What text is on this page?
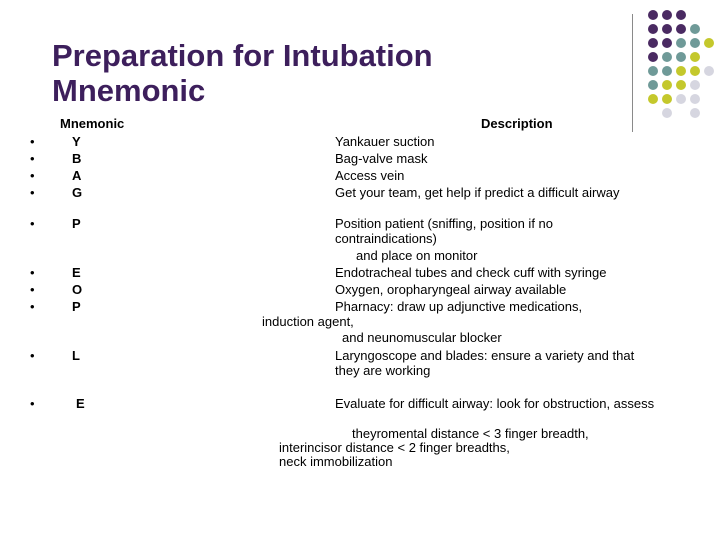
Preparation for Intubation
Mnemonic
Mnemonic	Description
•	Y	Yankauer suction
•	B	Bag-valve mask
•	A	Access vein
•	G	Get your team, get help if predict a difficult airway
•	P	Position patient (sniffing, position if no contraindications)
and place on monitor
•	E	Endotracheal tubes and check cuff with syringe
•	O	Oxygen, oropharyngeal airway available
•	P	Pharnacy: draw up adjunctive medications,
induction agent,
and neunomuscular blocker
•	L	Laryngoscope and blades: ensure a variety and that they are working
•	E	Evaluate for difficult airway: look for obstruction, assess
theyromental distance < 3 finger breadth,
interincisor distance < 2 finger breadths,
neck immobilization
